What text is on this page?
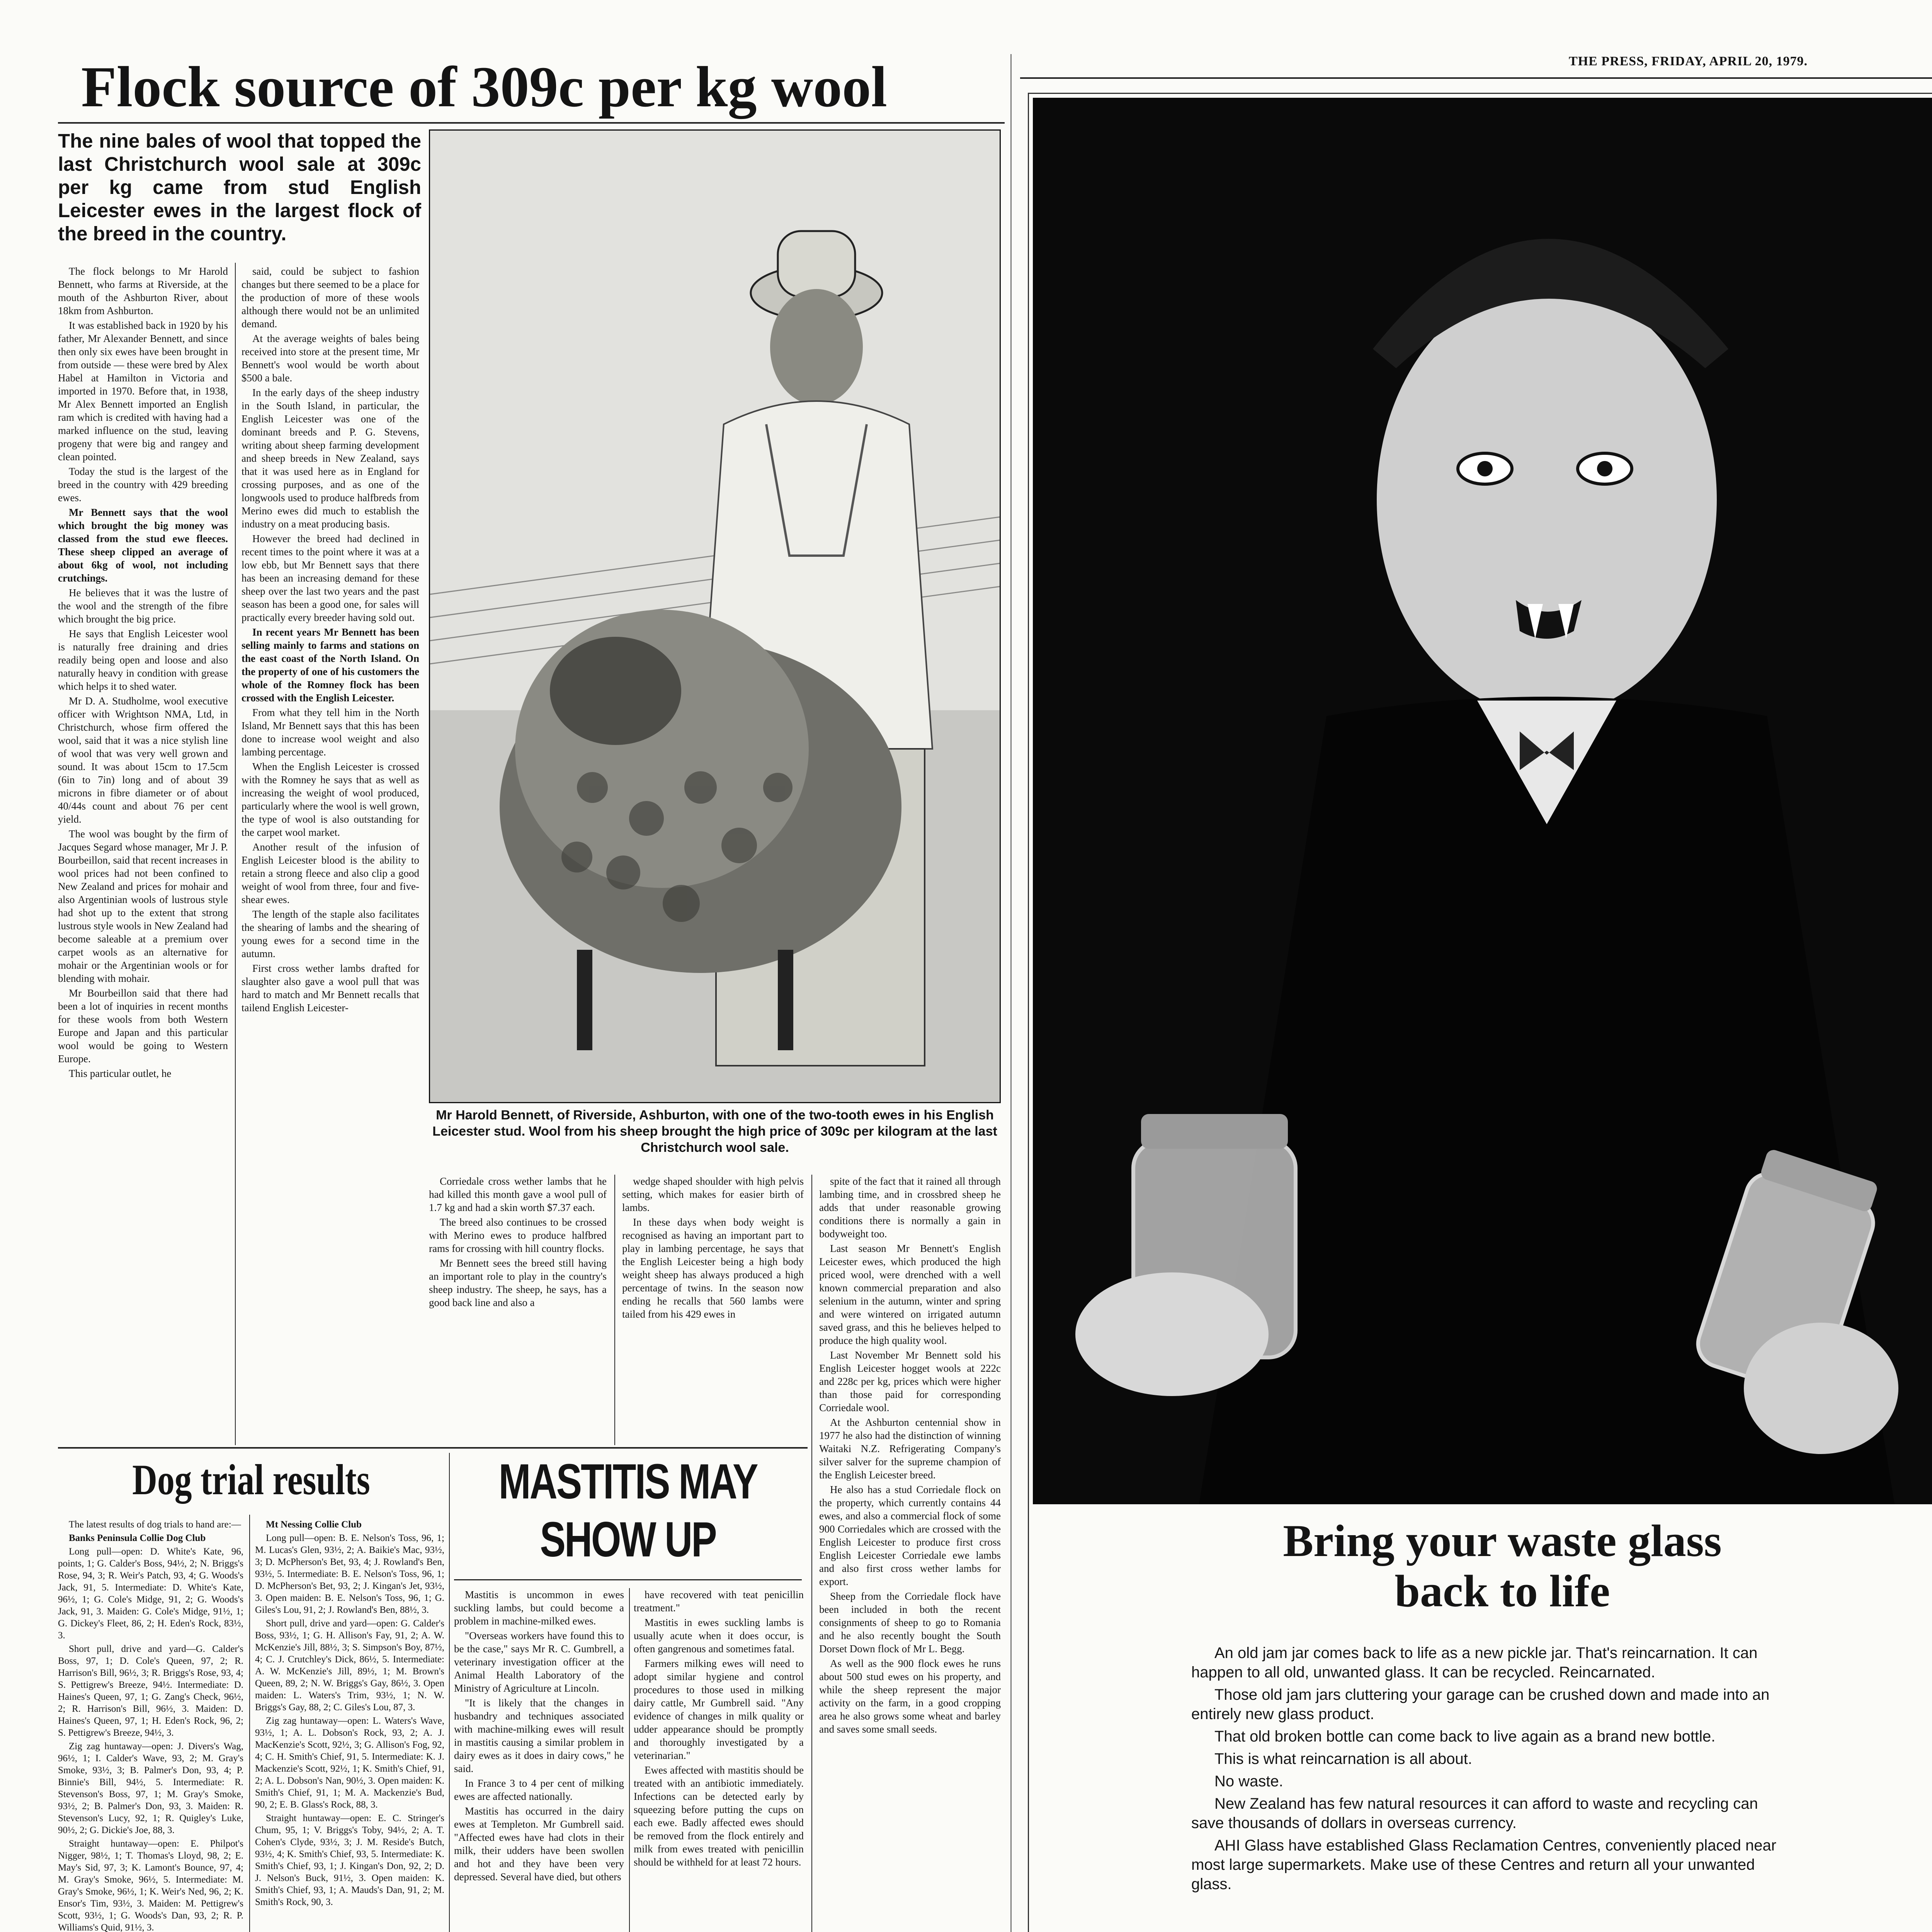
THE PRESS, FRIDAY, APRIL 20, 1979.
Flock source of 309c per kg wool
The nine bales of wool that topped the last Christchurch wool sale at 309c per kg came from stud English Leicester ewes in the largest flock of the breed in the country.

The flock belongs to Mr Harold Bennett, who farms at Riverside, at the mouth of the Ashburton River, about 18km from Ashburton.

It was established back in 1920 by his father, Mr Alexander Bennett, and since then only six ewes have been brought in from outside — these were bred by Alex Habel at Hamilton in Victoria and imported in 1970. Before that, in 1938, Mr Alex Bennett imported an English ram which is credited with having had a marked influence on the stud, leaving progeny that were big and rangey and clean pointed.

Today the stud is the largest of the breed in the country with 429 breeding ewes.

Mr Bennett says that the wool which brought the big money was classed from the stud ewe fleeces. These sheep clipped an average of about 6kg of wool, not including crutchings.

He believes that it was the lustre of the wool and the strength of the fibre which brought the big price.

He says that English Leicester wool is naturally free draining and dries readily being open and loose and also naturally heavy in condition with grease which helps it to shed water.

Mr D. A. Studholme, wool executive officer with Wrightson NMA, Ltd, in Christchurch, whose firm offered the wool, said that it was a nice stylish line of wool that was very well grown and sound. It was about 15cm to 17.5cm (6in to 7in) long and of about 39 microns in fibre diameter or of about 40/44s count and about 76 per cent yield.

The wool was bought by the firm of Jacques Segard whose manager, Mr J. P. Bourbeillon, said that recent increases in wool prices had not been confined to New Zealand and prices for mohair and also Argentinian wools of lustrous style had shot up to the extent that strong lustrous style wools in New Zealand had become saleable at a premium over carpet wools as an alternative for mohair or the Argentinian wools or for blending with mohair.

Mr Bourbeillon said that there had been a lot of inquiries in recent months for these wools from both Western Europe and Japan and this particular wool would be going to Western Europe.

This particular outlet, he

said, could be subject to fashion changes but there seemed to be a place for the production of more of these wools although there would not be an unlimited demand.

At the average weights of bales being received into store at the present time, Mr Bennett's wool would be worth about $500 a bale.

In the early days of the sheep industry in the South Island, in particular, the English Leicester was one of the dominant breeds and P. G. Stevens, writing about sheep farming development and sheep breeds in New Zealand, says that it was used here as in England for crossing purposes, and as one of the longwools used to produce halfbreds from Merino ewes did much to establish the industry on a meat producing basis.

However the breed had declined in recent times to the point where it was at a low ebb, but Mr Bennett says that there has been an increasing demand for these sheep over the last two years and the past season has been a good one, for sales will practically every breeder having sold out.

In recent years Mr Bennett has been selling mainly to farms and stations on the east coast of the North Island. On the property of one of his customers the whole of the Romney flock has been crossed with the English Leicester.

From what they tell him in the North Island, Mr Bennett says that this has been done to increase wool weight and also lambing percentage.

When the English Leicester is crossed with the Romney he says that as well as increasing the weight of wool produced, particularly where the wool is well grown, the type of wool is also outstanding for the carpet wool market.

Another result of the infusion of English Leicester blood is the ability to retain a strong fleece and also clip a good weight of wool from three, four and five-shear ewes.

The length of the staple also facilitates the shearing of lambs and the shearing of young ewes for a second time in the autumn.

First cross wether lambs drafted for slaughter also gave a wool pull that was hard to match and Mr Bennett recalls that tailend English Leicester-

Mr Harold Bennett, of Riverside, Ashburton, with one of the two-tooth ewes in his English Leicester stud. Wool from his sheep brought the high price of 309c per kilogram at the last Christchurch wool sale.

Corriedale cross wether lambs that he had killed this month gave a wool pull of 1.7 kg and had a skin worth $7.37 each.

The breed also continues to be crossed with Merino ewes to produce halfbred rams for crossing with hill country flocks.

Mr Bennett sees the breed still having an important role to play in the country's sheep industry. The sheep, he says, has a good back line and also a

wedge shaped shoulder with high pelvis setting, which makes for easier birth of lambs.

In these days when body weight is recognised as having an important part to play in lambing percentage, he says that the English Leicester being a high body weight sheep has always produced a high percentage of twins. In the season now ending he recalls that 560 lambs were tailed from his 429 ewes in

spite of the fact that it rained all through lambing time, and in crossbred sheep he adds that under reasonable growing conditions there is normally a gain in bodyweight too.

Last season Mr Bennett's English Leicester ewes, which produced the high priced wool, were drenched with a well known commercial preparation and also selenium in the autumn, winter and spring and were wintered on irrigated autumn saved grass, and this he believes helped to produce the high quality wool.

Last November Mr Bennett sold his English Leicester hogget wools at 222c and 228c per kg, prices which were higher than those paid for corresponding Corriedale wool.

At the Ashburton centennial show in 1977 he also had the distinction of winning Waitaki N.Z. Refrigerating Company's silver salver for the supreme champion of the English Leicester breed.

He also has a stud Corriedale flock on the property, which currently contains 44 ewes, and also a commercial flock of some 900 Corriedales which are crossed with the English Leicester to produce first cross English Leicester Corriedale ewe lambs and also first cross wether lambs for export.

Sheep from the Corriedale flock have been included in both the recent consignments of sheep to go to Romania and he also recently bought the South Dorset Down flock of Mr L. Begg.

As well as the 900 flock ewes he runs about 500 stud ewes on his property, and while the sheep represent the major activity on the farm, in a good cropping area he also grows some wheat and barley and saves some small seeds.

Dog trial results

The latest results of dog trials to hand are:—

Banks Peninsula Collie Dog Club

Long pull—open: D. White's Kate, 96, points, 1; G. Calder's Boss, 94½, 2; N. Briggs's Rose, 94, 3; R. Weir's Patch, 93, 4; G. Woods's Jack, 91, 5. Intermediate: D. White's Kate, 96½, 1; G. Cole's Midge, 91, 2; G. Woods's Jack, 91, 3. Maiden: G. Cole's Midge, 91½, 1; G. Dickey's Fleet, 86, 2; H. Eden's Rock, 83½, 3.

Short pull, drive and yard—G. Calder's Boss, 97, 1; D. Cole's Queen, 97, 2; R. Harrison's Bill, 96½, 3; R. Briggs's Rose, 93, 4; S. Pettigrew's Breeze, 94½. Intermediate: D. Haines's Queen, 97, 1; G. Zang's Check, 96½, 2; R. Harrison's Bill, 96½, 3. Maiden: D. Haines's Queen, 97, 1; H. Eden's Rock, 96, 2; S. Pettigrew's Breeze, 94½, 3.

Zig zag huntaway—open: J. Divers's Wag, 96½, 1; I. Calder's Wave, 93, 2; M. Gray's Smoke, 93½, 3; B. Palmer's Don, 93, 4; P. Binnie's Bill, 94½, 5. Intermediate: R. Stevenson's Boss, 97, 1; M. Gray's Smoke, 93½, 2; B. Palmer's Don, 93, 3. Maiden: R. Stevenson's Lucy, 92, 1; R. Quigley's Luke, 90½, 2; G. Dickie's Joe, 88, 3.

Straight huntaway—open: E. Philpot's Nigger, 98½, 1; T. Thomas's Lloyd, 98, 2; E. May's Sid, 97, 3; K. Lamont's Bounce, 97, 4; M. Gray's Smoke, 96½, 5. Intermediate: M. Gray's Smoke, 96½, 1; K. Weir's Ned, 96, 2; K. Ensor's Tim, 93½, 3. Maiden: M. Pettigrew's Scott, 93½, 1; G. Woods's Dan, 93, 2; R. P. Williams's Quid, 91½, 3.

Mt Nessing Collie Club

Long pull—open: B. E. Nelson's Toss, 96, 1; M. Lucas's Glen, 93½, 2; A. Baikie's Mac, 93½, 3; D. McPherson's Bet, 93, 4; J. Rowland's Ben, 93½, 5. Intermediate: B. E. Nelson's Toss, 96, 1; D. McPherson's Bet, 93, 2; J. Kingan's Jet, 93½, 3. Open maiden: B. E. Nelson's Toss, 96, 1; G. Giles's Lou, 91, 2; J. Rowland's Ben, 88½, 3.

Short pull, drive and yard—open: G. Calder's Boss, 93½, 1; G. H. Allison's Fay, 91, 2; A. W. McKenzie's Jill, 88½, 3; S. Simpson's Boy, 87½, 4; C. J. Crutchley's Dick, 86½, 5. Intermediate: A. W. McKenzie's Jill, 89½, 1; M. Brown's Queen, 89, 2; N. W. Briggs's Gay, 86½, 3. Open maiden: L. Waters's Trim, 93½, 1; N. W. Briggs's Gay, 88, 2; C. Giles's Lou, 87, 3.

Zig zag huntaway—open: L. Waters's Wave, 93½, 1; A. L. Dobson's Rock, 93, 2; A. J. MacKenzie's Scott, 92½, 3; G. Allison's Fog, 92, 4; C. H. Smith's Chief, 91, 5. Intermediate: K. J. Mackenzie's Scott, 92½, 1; K. Smith's Chief, 91, 2; A. L. Dobson's Nan, 90½, 3. Open maiden: K. Smith's Chief, 91, 1; M. A. Mackenzie's Bud, 90, 2; E. B. Glass's Rock, 88, 3.

Straight huntaway—open: E. C. Stringer's Chum, 95, 1; V. Briggs's Toby, 94½, 2; A. T. Cohen's Clyde, 93½, 3; J. M. Reside's Butch, 93½, 4; K. Smith's Chief, 93, 5. Intermediate: K. Smith's Chief, 93, 1; J. Kingan's Don, 92, 2; D. J. Nelson's Buck, 91½, 3. Open maiden: K. Smith's Chief, 93, 1; A. Mauds's Dan, 91, 2; M. Smith's Rock, 90, 3.

MASTITIS MAY
SHOW UP

Mastitis is uncommon in ewes suckling lambs, but could become a problem in machine-milked ewes.

"Overseas workers have found this to be the case," says Mr R. C. Gumbrell, a veterinary investigation officer at the Animal Health Laboratory of the Ministry of Agriculture at Lincoln.

"It is likely that the changes in husbandry and techniques associated with machine-milking ewes will result in mastitis causing a similar problem in dairy ewes as it does in dairy cows," he said.

In France 3 to 4 per cent of milking ewes are affected nationally.

Mastitis has occurred in the dairy ewes at Templeton. Mr Gumbrell said. "Affected ewes have had clots in their milk, their udders have been swollen and hot and they have been very depressed. Several have died, but others

have recovered with teat penicillin treatment."

Mastitis in ewes suckling lambs is usually acute when it does occur, is often gangrenous and sometimes fatal.

Farmers milking ewes will need to adopt similar hygiene and control procedures to those used in milking dairy cattle, Mr Gumbrell said. "Any evidence of changes in milk quality or udder appearance should be promptly and thoroughly investigated by a veterinarian."

Ewes affected with mastitis should be treated with an antibiotic immediately. Infections can be detected early by squeezing before putting the cups on each ewe. Badly affected ewes should be removed from the flock entirely and milk from ewes treated with penicillin should be withheld for at least 72 hours.

Bring your waste glass
back to life
An old jam jar comes back to life as a new pickle jar. That's reincarnation. It can happen to all old, unwanted glass. It can be recycled. Reincarnated.
Those old jam jars cluttering your garage can be crushed down and made into an entirely new glass product.
That old broken bottle can come back to live again as a brand new bottle.
This is what reincarnation is all about.
No waste.
New Zealand has few natural resources it can afford to waste and recycling can save thousands of dollars in overseas currency.
AHI Glass have established Glass Reclamation Centres, conveniently placed near most large supermarkets. Make use of these Centres and return all your unwanted glass.
